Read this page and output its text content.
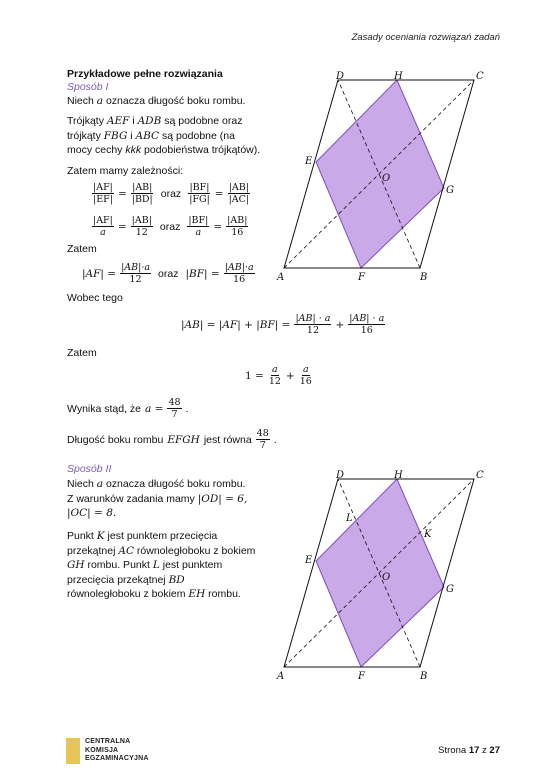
Zasady oceniania rozwiązań zadań
Przykładowe pełne rozwiązania
Sposób I
Niech a oznacza długość boku rombu.
Trójkąty AEF i ADB są podobne oraz
trójkąty FBG i ABC są podobne (na
mocy cechy kkk podobieństwa trójkątów).
Zatem mamy zależności:
$\frac{|AF|}{|EF|} = \frac{|AB|}{|BD|}$ oraz $\frac{|BF|}{|FG|} = \frac{|AB|}{|AC|}$
$\frac{|AF|}{a} = \frac{|AB|}{12}$ oraz $\frac{|BF|}{a} = \frac{|AB|}{16}$
Zatem
$|AF| = \frac{|AB|\cdot a}{12}$ oraz $|BF| = \frac{|AB|\cdot a}{16}$
Wobec tego
$|AB| = |AF| + |BF| = \frac{|AB| \cdot a}{12} + \frac{|AB| \cdot a}{16}$
Zatem
$1 = \frac{a}{12} + \frac{a}{16}$
Wynika stąd, że $a = \frac{48}{7}$ .
Długość boku rombu EFGH jest równa $\frac{48}{7}$ .
Sposób II
Niech a oznacza długość boku rombu.
Z warunków zadania mamy |OD| = 6,
|OC| = 8.
Punkt K jest punktem przecięcia
przekątnej AC równoległoboku z bokiem
GH rombu. Punkt L jest punktem
przecięcia przekątnej BD
równoległoboku z bokiem EH rombu.
A	B
C
D
E
F
G
H
O
A	B
C
D
E
F
G
H
O
K
L
CENTRALNA
KOMISJA
EGZAMINACYJNA
Strona 17 z 27
